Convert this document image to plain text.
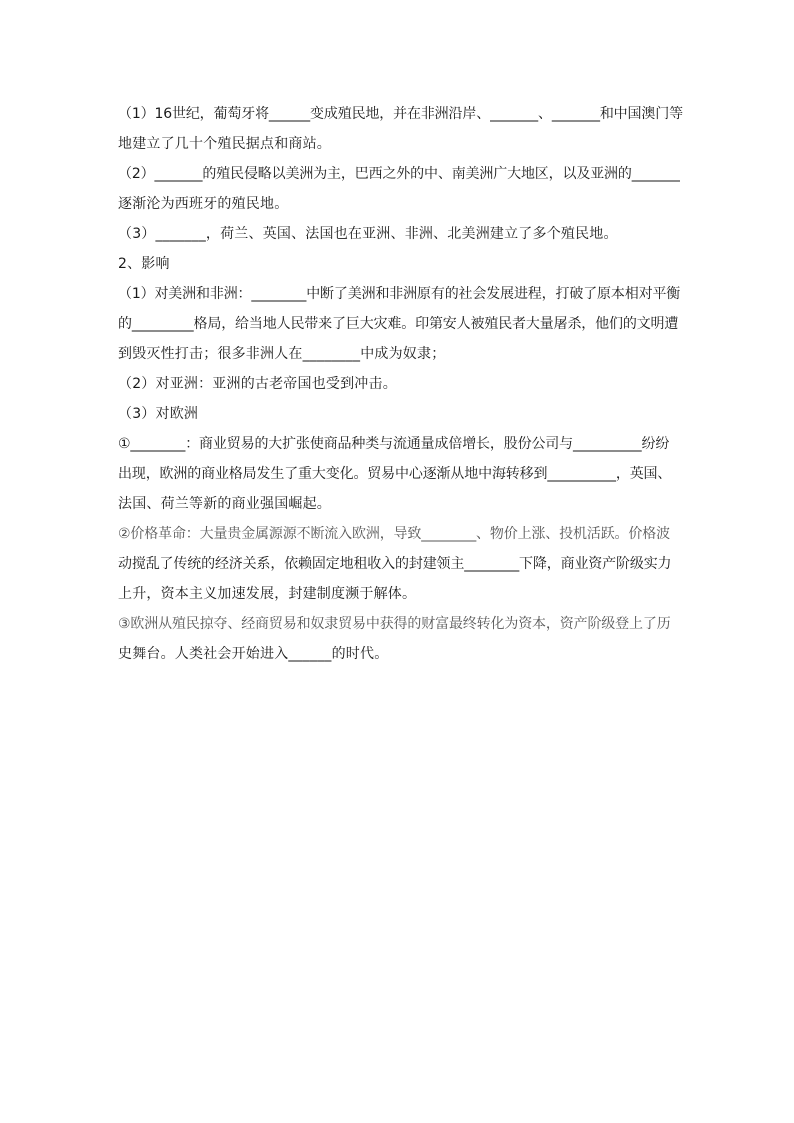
（1）16世纪，葡萄牙将______变成殖民地，并在非洲沿岸、_______、_______和中国澳门等
地建立了几十个殖民据点和商站。
（2）_______的殖民侵略以美洲为主，巴西之外的中、南美洲广大地区，以及亚洲的_______
逐渐沦为西班牙的殖民地。
（3）_______，荷兰、英国、法国也在亚洲、非洲、北美洲建立了多个殖民地。
2、影响
（1）对美洲和非洲：________中断了美洲和非洲原有的社会发展进程，打破了原本相对平衡
的_________格局，给当地人民带来了巨大灾难。印第安人被殖民者大量屠杀，他们的文明遭
到毁灭性打击；很多非洲人在________中成为奴隶；
（2）对亚洲：亚洲的古老帝国也受到冲击。
（3）对欧洲
①________：商业贸易的大扩张使商品种类与流通量成倍增长，股份公司与__________纷纷
出现，欧洲的商业格局发生了重大变化。贸易中心逐渐从地中海转移到__________，英国、
法国、荷兰等新的商业强国崛起。
②价格革命：大量贵金属源源不断流入欧洲，导致________、物价上涨、投机活跃。价格波
动搅乱了传统的经济关系，依赖固定地租收入的封建领主________下降，商业资产阶级实力
上升，资本主义加速发展，封建制度濒于解体。
③欧洲从殖民掠夺、经商贸易和奴隶贸易中获得的财富最终转化为资本，资产阶级登上了历
史舞台。人类社会开始进入______的时代。
